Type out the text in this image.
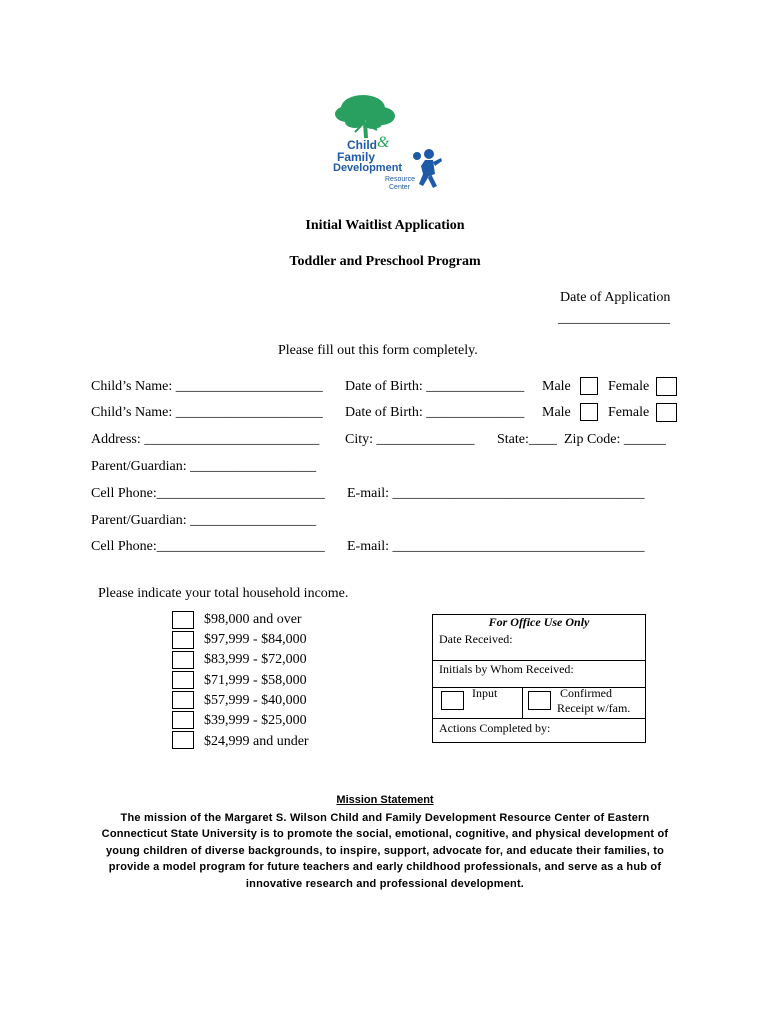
Child &
Family
Development
Resource
Center
Initial Waitlist Application
Toddler and Preschool Program
Date of Application
________________
Please fill out this form completely.
Child’s Name: _____________________ Date of Birth: ______________ Male	Female
Child’s Name: _____________________ Date of Birth: ______________ Male	Female
Address: _________________________ City: ______________ State:____ Zip Code: ______
Parent/Guardian: __________________
Cell Phone:________________________ E-mail: ____________________________________
Parent/Guardian: __________________
Cell Phone:________________________ E-mail: ____________________________________
Please indicate your total household income.
$98,000 and over
$97,999 - $84,000
$83,999 - $72,000
$71,999 - $58,000
$57,999 - $40,000
$39,999 - $25,000
$24,999 and under
For Office Use Only
Date Received:
Initials by Whom Received:
Input	Confirmed
Receipt w/fam.
Actions Completed by:
Mission Statement
The mission of the Margaret S. Wilson Child and Family Development Resource Center of Eastern
Connecticut State University is to promote the social, emotional, cognitive, and physical development of
young children of diverse backgrounds, to inspire, support, advocate for, and educate their families, to
provide a model program for future teachers and early childhood professionals, and serve as a hub of
innovative research and professional development.
